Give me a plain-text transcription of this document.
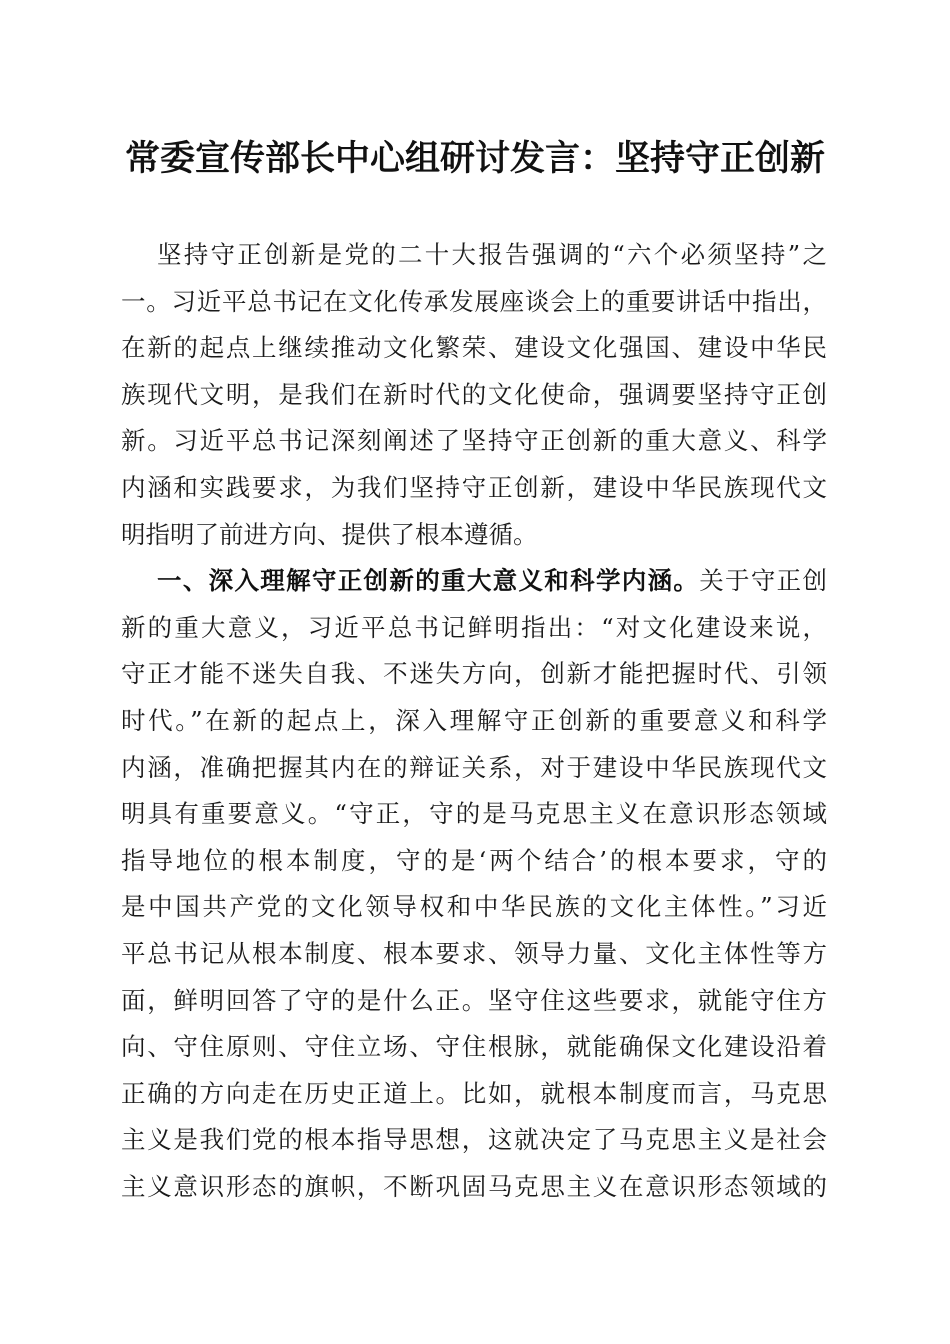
常委宣传部长中心组研讨发言：坚持守正创新
坚持守正创新是党的二十大报告强调的“六个必须坚持”之
一。习近平总书记在文化传承发展座谈会上的重要讲话中指出，
在新的起点上继续推动文化繁荣、建设文化强国、建设中华民
族现代文明，是我们在新时代的文化使命，强调要坚持守正创
新。习近平总书记深刻阐述了坚持守正创新的重大意义、科学
内涵和实践要求，为我们坚持守正创新，建设中华民族现代文
明指明了前进方向、提供了根本遵循。
一、深入理解守正创新的重大意义和科学内涵。关于守正创
新的重大意义，习近平总书记鲜明指出：“对文化建设来说，
守正才能不迷失自我、不迷失方向，创新才能把握时代、引领
时代。”在新的起点上，深入理解守正创新的重要意义和科学
内涵，准确把握其内在的辩证关系，对于建设中华民族现代文
明具有重要意义。“守正，守的是马克思主义在意识形态领域
指导地位的根本制度，守的是‘两个结合’的根本要求，守的
是中国共产党的文化领导权和中华民族的文化主体性。”习近
平总书记从根本制度、根本要求、领导力量、文化主体性等方
面，鲜明回答了守的是什么正。坚守住这些要求，就能守住方
向、守住原则、守住立场、守住根脉，就能确保文化建设沿着
正确的方向走在历史正道上。比如，就根本制度而言，马克思
主义是我们党的根本指导思想，这就决定了马克思主义是社会
主义意识形态的旗帜，不断巩固马克思主义在意识形态领域的
